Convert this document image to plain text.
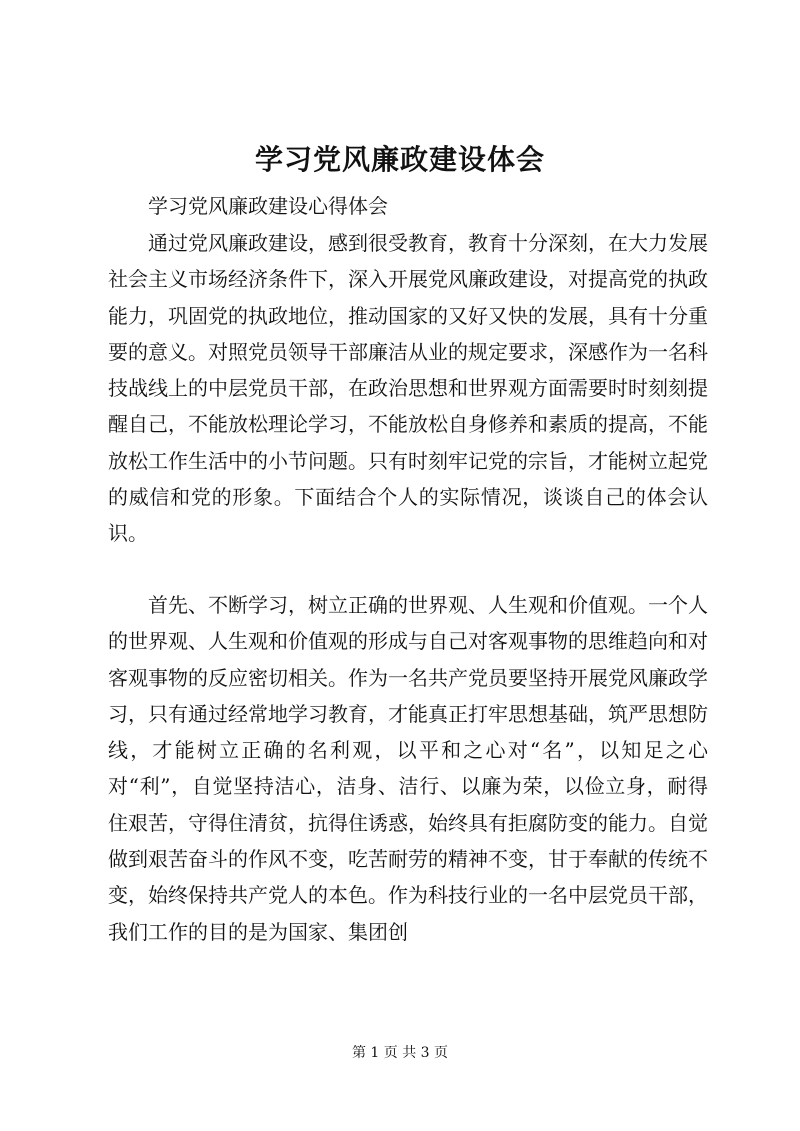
学习党风廉政建设体会

学习党风廉政建设心得体会

通过党风廉政建设，感到很受教育，教育十分深刻，在大力发展社会主义市场经济条件下，深入开展党风廉政建设，对提高党的执政能力，巩固党的执政地位，推动国家的又好又快的发展，具有十分重要的意义。对照党员领导干部廉洁从业的规定要求，深感作为一名科技战线上的中层党员干部，在政治思想和世界观方面需要时时刻刻提醒自己，不能放松理论学习，不能放松自身修养和素质的提高，不能放松工作生活中的小节问题。只有时刻牢记党的宗旨，才能树立起党的威信和党的形象。下面结合个人的实际情况，谈谈自己的体会认识。

首先、不断学习，树立正确的世界观、人生观和价值观。一个人的世界观、人生观和价值观的形成与自己对客观事物的思维趋向和对客观事物的反应密切相关。作为一名共产党员要坚持开展党风廉政学习，只有通过经常地学习教育，才能真正打牢思想基础，筑严思想防线，才能树立正确的名利观，以平和之心对“名”，以知足之心对“利”，自觉坚持洁心，洁身、洁行、以廉为荣，以俭立身，耐得住艰苦，守得住清贫，抗得住诱惑，始终具有拒腐防变的能力。自觉做到艰苦奋斗的作风不变，吃苦耐劳的精神不变，甘于奉献的传统不变，始终保持共产党人的本色。作为科技行业的一名中层党员干部，我们工作的目的是为国家、集团创

第 1 页 共 3 页
